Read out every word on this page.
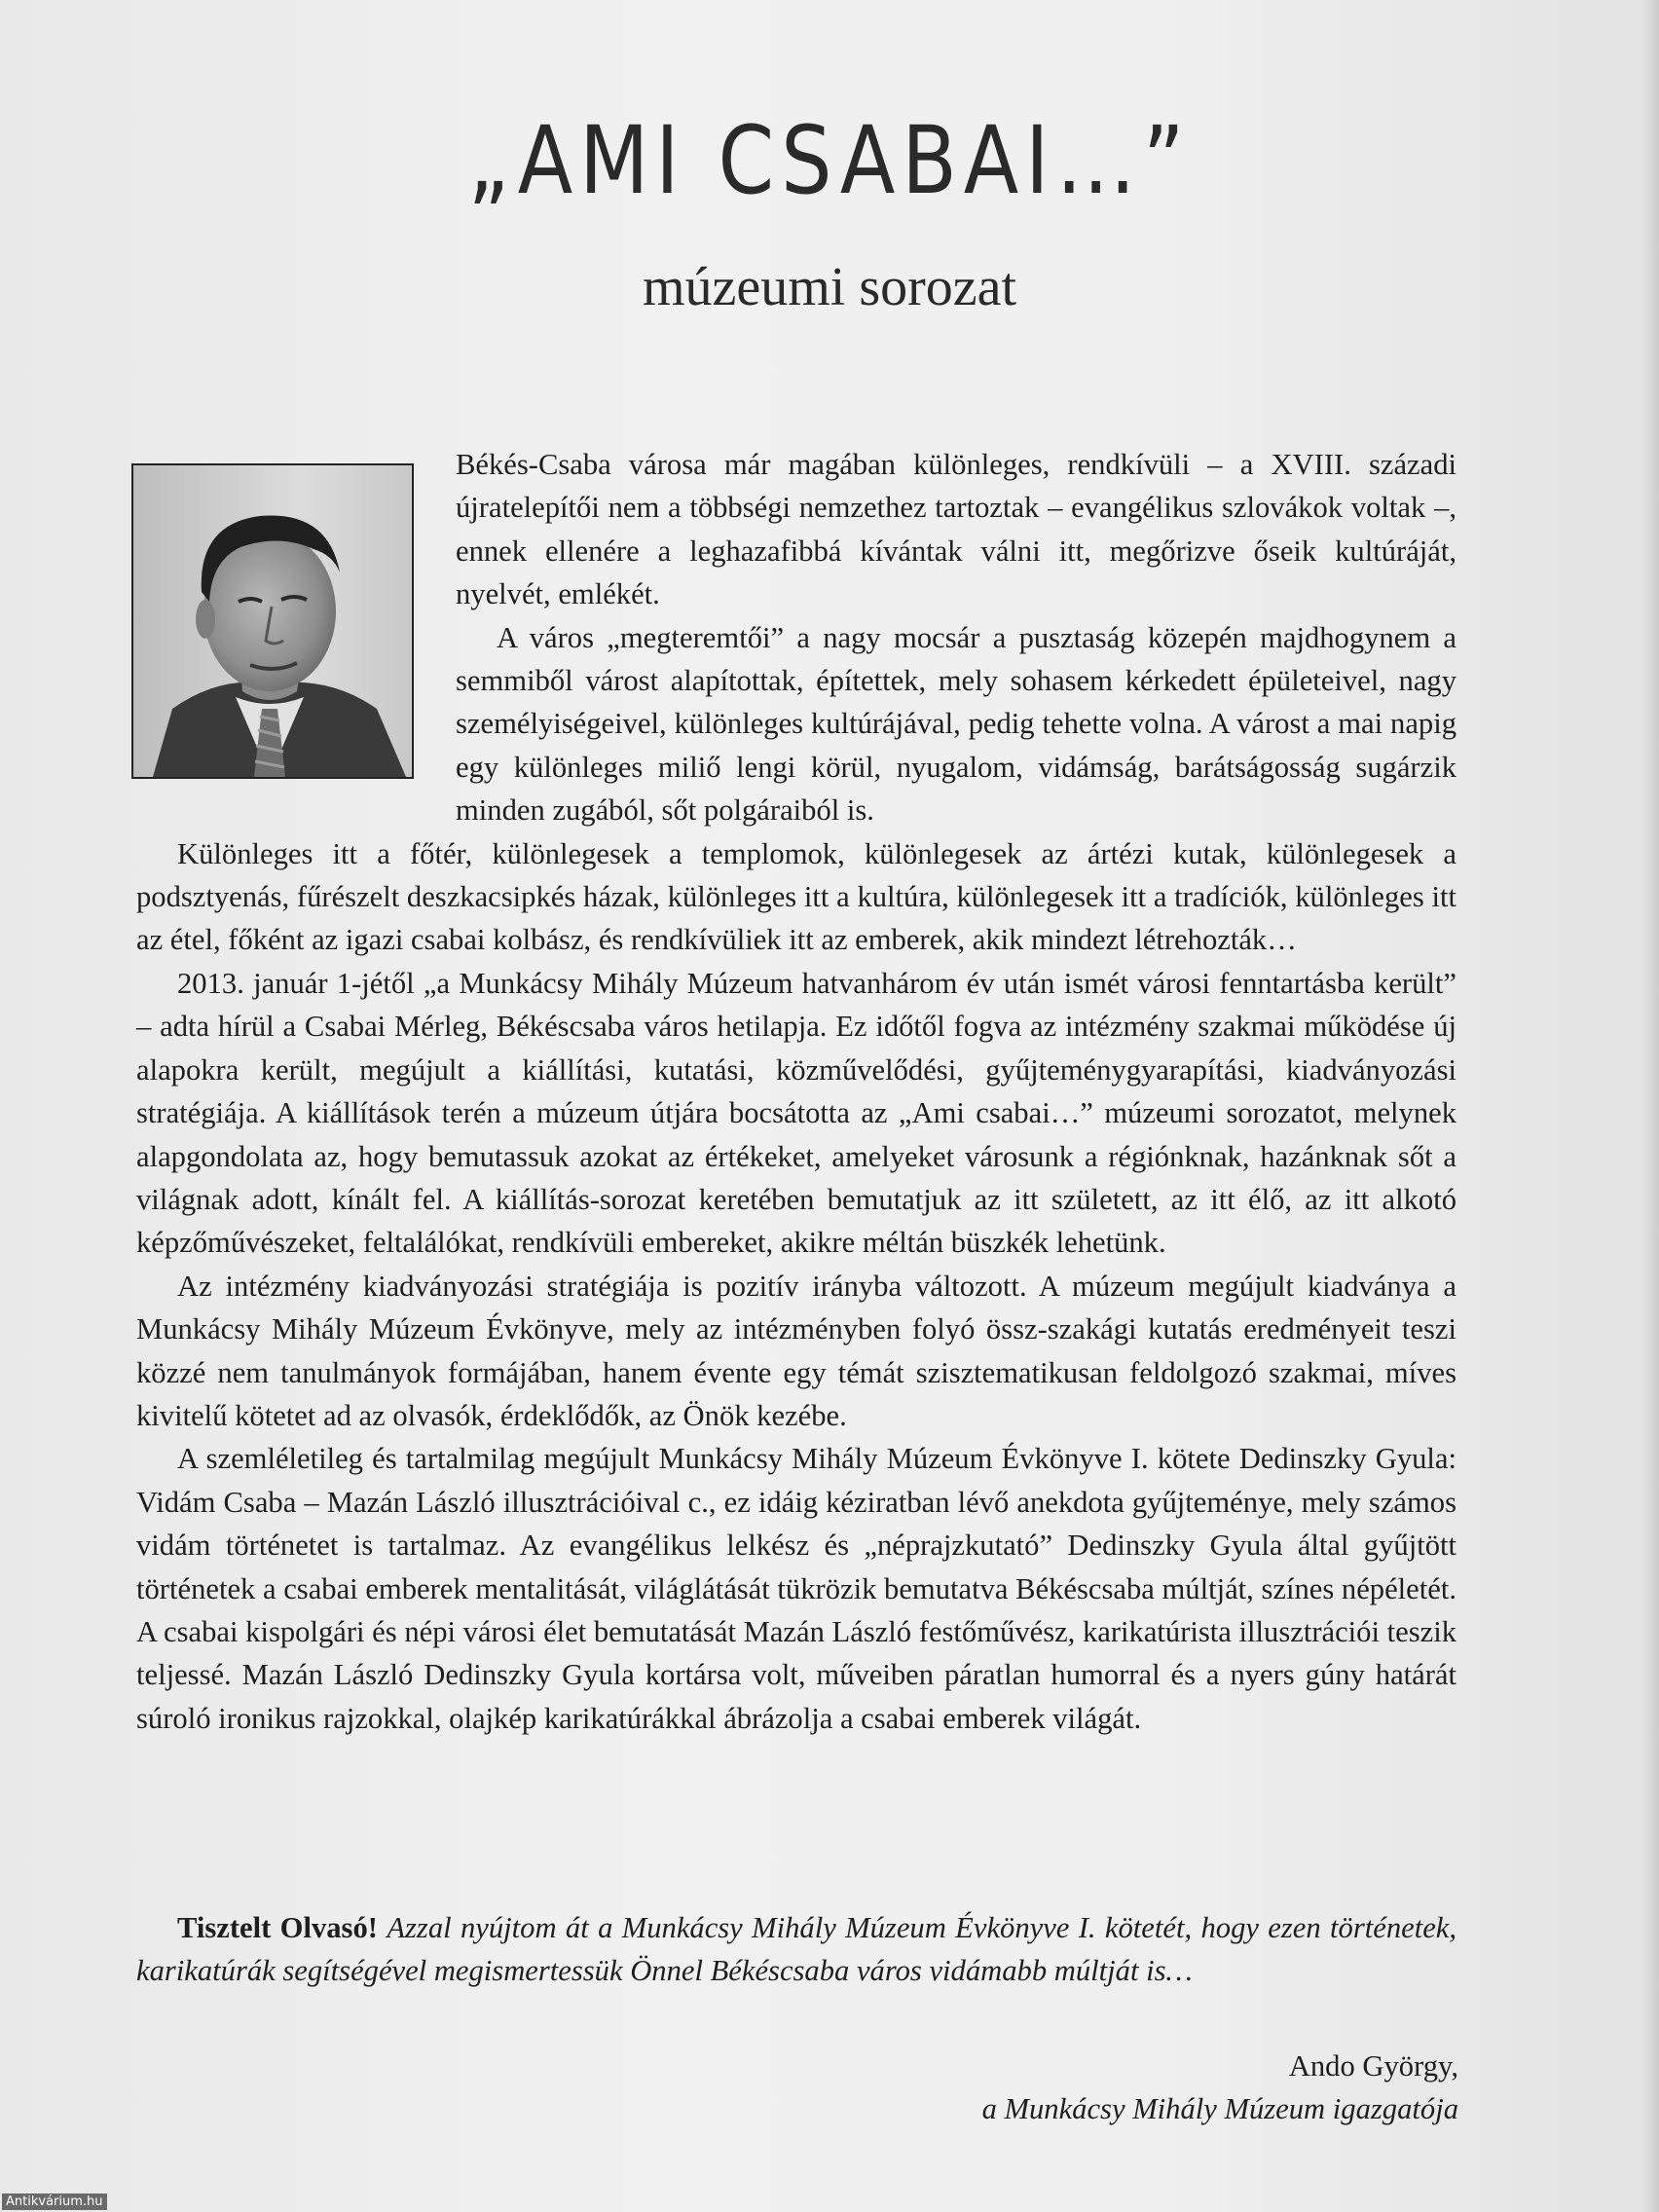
„AMI CSABAI…”
múzeumi sorozat

Békés-Csaba városa már magában különleges, rendkívüli – a XVIII. századi újratelepítői nem a többségi nemzethez tartoztak – evangélikus szlovákok voltak –, ennek ellenére a leghazafibbá kívántak válni itt, megőrizve őseik kultúráját, nyelvét, emlékét.

A város „megteremtői” a nagy mocsár a pusztaság közepén majdhogynem a semmiből várost alapítottak, építettek, mely sohasem kérkedett épületeivel, nagy személyiségeivel, különleges kultúrájával, pedig tehette volna. A várost a mai napig egy különleges miliő lengi körül, nyugalom, vidámság, barátságosság sugárzik minden zugából, sőt polgáraiból is.

Különleges itt a főtér, különlegesek a templomok, különlegesek az ártézi kutak, különlegesek a podsztyenás, fűrészelt deszkacsipkés házak, különleges itt a kultúra, különlegesek itt a tradíciók, különleges itt az étel, főként az igazi csabai kolbász, és rendkívüliek itt az emberek, akik mindezt létrehozták…

2013. január 1-jétől „a Munkácsy Mihály Múzeum hatvanhárom év után ismét városi fenntartásba került” – adta hírül a Csabai Mérleg, Békéscsaba város hetilapja. Ez időtől fogva az intézmény szakmai működése új alapokra került, megújult a kiállítási, kutatási, közművelődési, gyűjteménygyarapítási, kiadványozási stratégiája. A kiállítások terén a múzeum útjára bocsátotta az „Ami csabai…” múzeumi sorozatot, melynek alapgondolata az, hogy bemutassuk azokat az értékeket, amelyeket városunk a régiónknak, hazánknak sőt a világnak adott, kínált fel. A kiállítás-sorozat keretében bemutatjuk az itt született, az itt élő, az itt alkotó képzőművészeket, feltalálókat, rendkívüli embereket, akikre méltán büszkék lehetünk.

Az intézmény kiadványozási stratégiája is pozitív irányba változott. A múzeum megújult kiadványa a Munkácsy Mihály Múzeum Évkönyve, mely az intézményben folyó össz-szakági kutatás eredményeit teszi közzé nem tanulmányok formájában, hanem évente egy témát szisztematikusan feldolgozó szakmai, míves kivitelű kötetet ad az olvasók, érdeklődők, az Önök kezébe.

A szemléletileg és tartalmilag megújult Munkácsy Mihály Múzeum Évkönyve I. kötete Dedinszky Gyula: Vidám Csaba – Mazán László illusztrációival c., ez idáig kéziratban lévő anekdota gyűjteménye, mely számos vidám történetet is tartalmaz. Az evangélikus lelkész és „néprajzkutató” Dedinszky Gyula által gyűjtött történetek a csabai emberek mentalitását, világlátását tükrözik bemutatva Békéscsaba múltját, színes népéletét. A csabai kispolgári és népi városi élet bemutatását Mazán László festőművész, karikatúrista illusztrációi teszik teljessé. Mazán László Dedinszky Gyula kortársa volt, műveiben páratlan humorral és a nyers gúny határát súroló ironikus rajzokkal, olajkép karikatúrákkal ábrázolja a csabai emberek világát.

Tisztelt Olvasó! Azzal nyújtom át a Munkácsy Mihály Múzeum Évkönyve I. kötetét, hogy ezen történetek, karikatúrák segítségével megismertessük Önnel Békéscsaba város vidámabb múltját is…
Ando György,
a Munkácsy Mihály Múzeum igazgatója
Antikvárium.hu
